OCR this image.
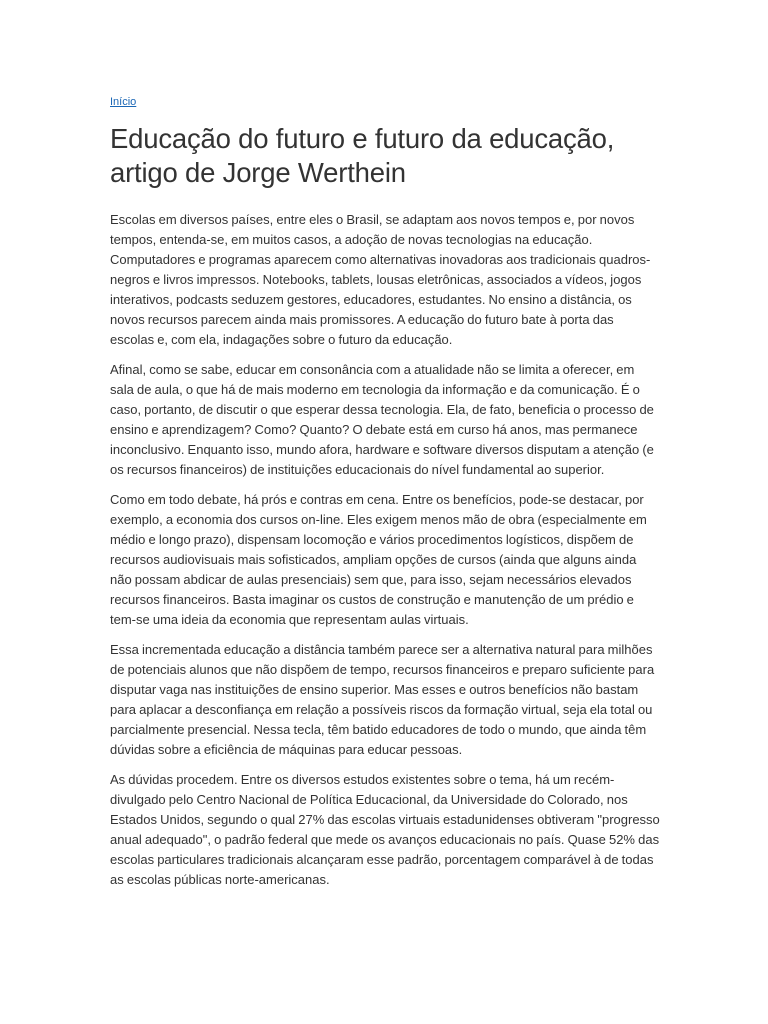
Início
Educação do futuro e futuro da educação,
artigo de Jorge Werthein

Escolas em diversos países, entre eles o Brasil, se adaptam aos novos tempos e, por novos tempos, entenda-se, em muitos casos, a adoção de novas tecnologias na educação. Computadores e programas aparecem como alternativas inovadoras aos tradicionais quadros-negros e livros impressos. Notebooks, tablets, lousas eletrônicas, associados a vídeos, jogos interativos, podcasts seduzem gestores, educadores, estudantes. No ensino a distância, os novos recursos parecem ainda mais promissores. A educação do futuro bate à porta das escolas e, com ela, indagações sobre o futuro da educação.

Afinal, como se sabe, educar em consonância com a atualidade não se limita a oferecer, em sala de aula, o que há de mais moderno em tecnologia da informação e da comunicação. É o caso, portanto, de discutir o que esperar dessa tecnologia. Ela, de fato, beneficia o processo de ensino e aprendizagem? Como? Quanto? O debate está em curso há anos, mas permanece inconclusivo. Enquanto isso, mundo afora, hardware e software diversos disputam a atenção (e os recursos financeiros) de instituições educacionais do nível fundamental ao superior.

Como em todo debate, há prós e contras em cena. Entre os benefícios, pode-se destacar, por exemplo, a economia dos cursos on-line. Eles exigem menos mão de obra (especialmente em médio e longo prazo), dispensam locomoção e vários procedimentos logísticos, dispõem de recursos audiovisuais mais sofisticados, ampliam opções de cursos (ainda que alguns ainda não possam abdicar de aulas presenciais) sem que, para isso, sejam necessários elevados recursos financeiros. Basta imaginar os custos de construção e manutenção de um prédio e tem-se uma ideia da economia que representam aulas virtuais.

Essa incrementada educação a distância também parece ser a alternativa natural para milhões de potenciais alunos que não dispõem de tempo, recursos financeiros e preparo suficiente para disputar vaga nas instituições de ensino superior. Mas esses e outros benefícios não bastam para aplacar a desconfiança em relação a possíveis riscos da formação virtual, seja ela total ou parcialmente presencial. Nessa tecla, têm batido educadores de todo o mundo, que ainda têm dúvidas sobre a eficiência de máquinas para educar pessoas.

As dúvidas procedem. Entre os diversos estudos existentes sobre o tema, há um recém-divulgado pelo Centro Nacional de Política Educacional, da Universidade do Colorado, nos Estados Unidos, segundo o qual 27% das escolas virtuais estadunidenses obtiveram "progresso anual adequado", o padrão federal que mede os avanços educacionais no país. Quase 52% das escolas particulares tradicionais alcançaram esse padrão, porcentagem comparável à de todas as escolas públicas norte-americanas.
